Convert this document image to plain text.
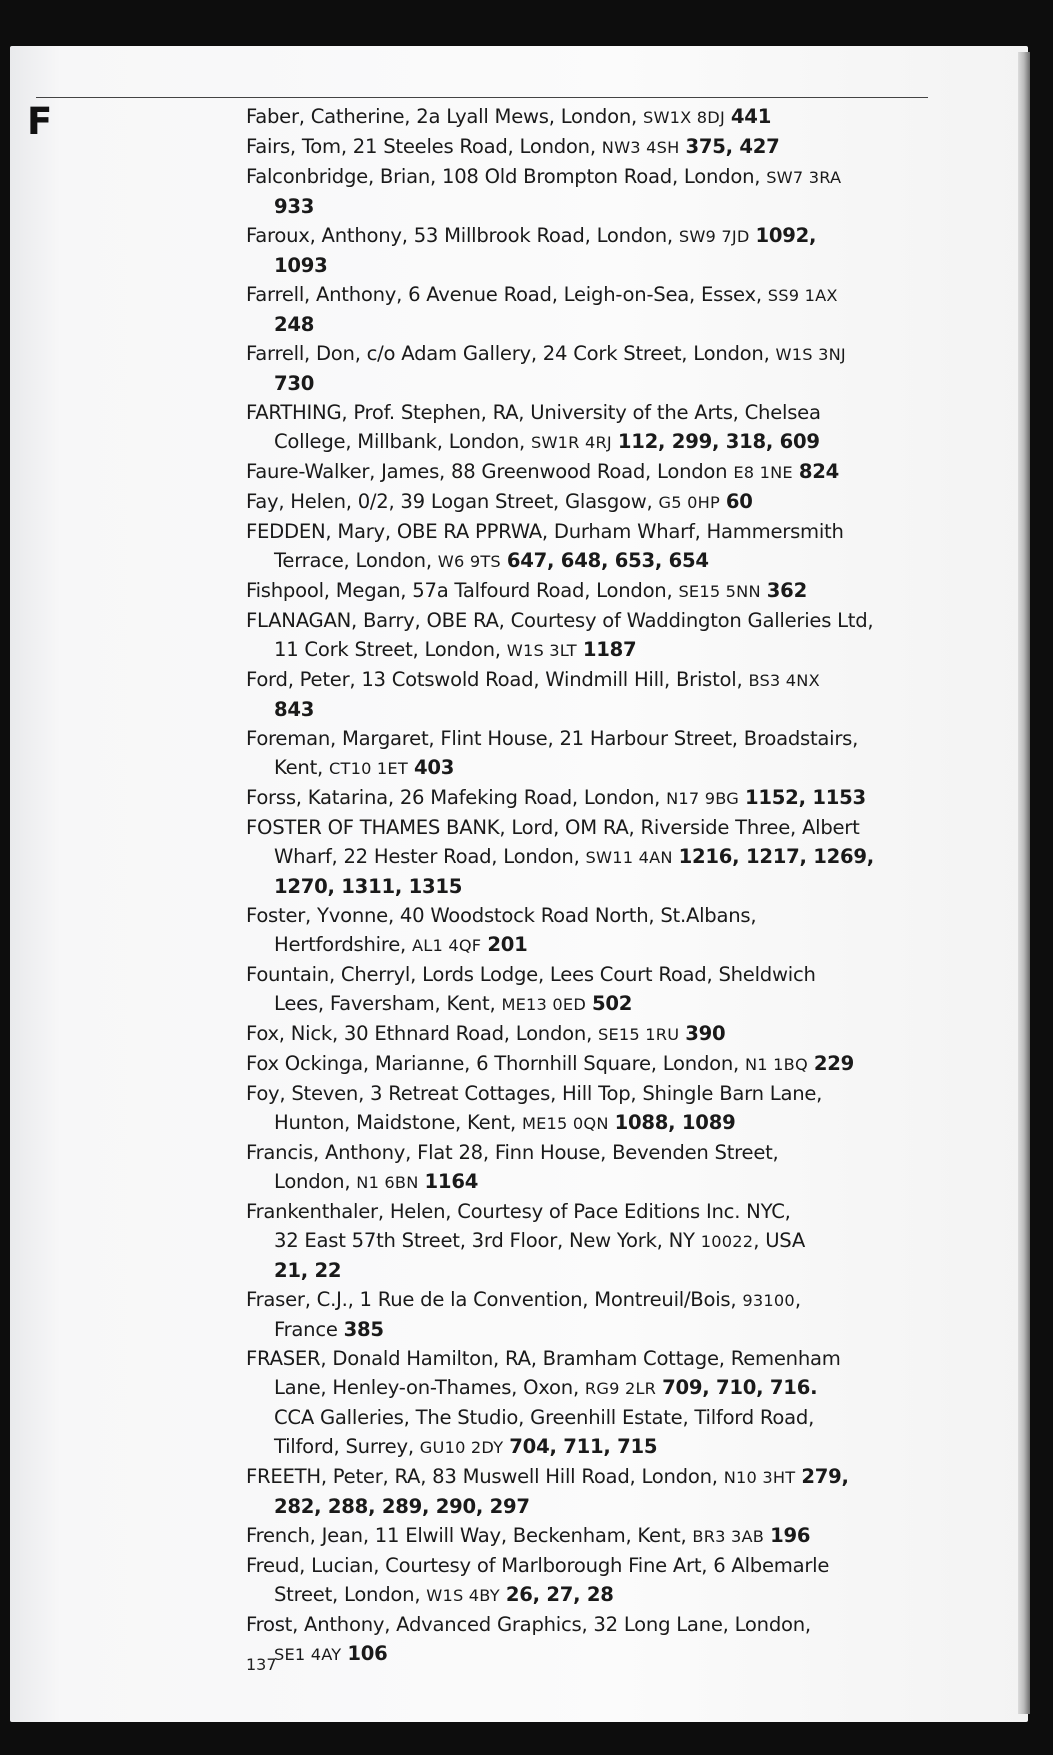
F	Faber, Catherine, 2a Lyall Mews, London, SW1X 8DJ 441
Fairs, Tom, 21 Steeles Road, London, NW3 4SH 375, 427
Falconbridge, Brian, 108 Old Brompton Road, London, SW7 3RA
933
Faroux, Anthony, 53 Millbrook Road, London, SW9 7JD 1092,
1093
Farrell, Anthony, 6 Avenue Road, Leigh-on-Sea, Essex, SS9 1AX
248
Farrell, Don, c/o Adam Gallery, 24 Cork Street, London, W1S 3NJ
730
FARTHING, Prof. Stephen, RA, University of the Arts, Chelsea
College, Millbank, London, SW1R 4RJ 112, 299, 318, 609
Faure-Walker, James, 88 Greenwood Road, London E8 1NE 824
Fay, Helen, 0/2, 39 Logan Street, Glasgow, G5 0HP 60
FEDDEN, Mary, OBE RA PPRWA, Durham Wharf, Hammersmith
Terrace, London, W6 9TS 647, 648, 653, 654
Fishpool, Megan, 57a Talfourd Road, London, SE15 5NN 362
FLANAGAN, Barry, OBE RA, Courtesy of Waddington Galleries Ltd,
11 Cork Street, London, W1S 3LT 1187
Ford, Peter, 13 Cotswold Road, Windmill Hill, Bristol, BS3 4NX
843
Foreman, Margaret, Flint House, 21 Harbour Street, Broadstairs,
Kent, CT10 1ET 403
Forss, Katarina, 26 Mafeking Road, London, N17 9BG 1152, 1153
FOSTER OF THAMES BANK, Lord, OM RA, Riverside Three, Albert
Wharf, 22 Hester Road, London, SW11 4AN 1216, 1217, 1269,
1270, 1311, 1315
Foster, Yvonne, 40 Woodstock Road North, St.Albans,
Hertfordshire, AL1 4QF 201
Fountain, Cherryl, Lords Lodge, Lees Court Road, Sheldwich
Lees, Faversham, Kent, ME13 0ED 502
Fox, Nick, 30 Ethnard Road, London, SE15 1RU 390
Fox Ockinga, Marianne, 6 Thornhill Square, London, N1 1BQ 229
Foy, Steven, 3 Retreat Cottages, Hill Top, Shingle Barn Lane,
Hunton, Maidstone, Kent, ME15 0QN 1088, 1089
Francis, Anthony, Flat 28, Finn House, Bevenden Street,
London, N1 6BN 1164
Frankenthaler, Helen, Courtesy of Pace Editions Inc. NYC,
32 East 57th Street, 3rd Floor, New York, NY 10022, USA
21, 22
Fraser, C.J., 1 Rue de la Convention, Montreuil/Bois, 93100,
France 385
FRASER, Donald Hamilton, RA, Bramham Cottage, Remenham
Lane, Henley-on-Thames, Oxon, RG9 2LR 709, 710, 716.
CCA Galleries, The Studio, Greenhill Estate, Tilford Road,
Tilford, Surrey, GU10 2DY 704, 711, 715
FREETH, Peter, RA, 83 Muswell Hill Road, London, N10 3HT 279,
282, 288, 289, 290, 297
French, Jean, 11 Elwill Way, Beckenham, Kent, BR3 3AB 196
Freud, Lucian, Courtesy of Marlborough Fine Art, 6 Albemarle
Street, London, W1S 4BY 26, 27, 28
Frost, Anthony, Advanced Graphics, 32 Long Lane, London,
SE1 4AY 106
137
